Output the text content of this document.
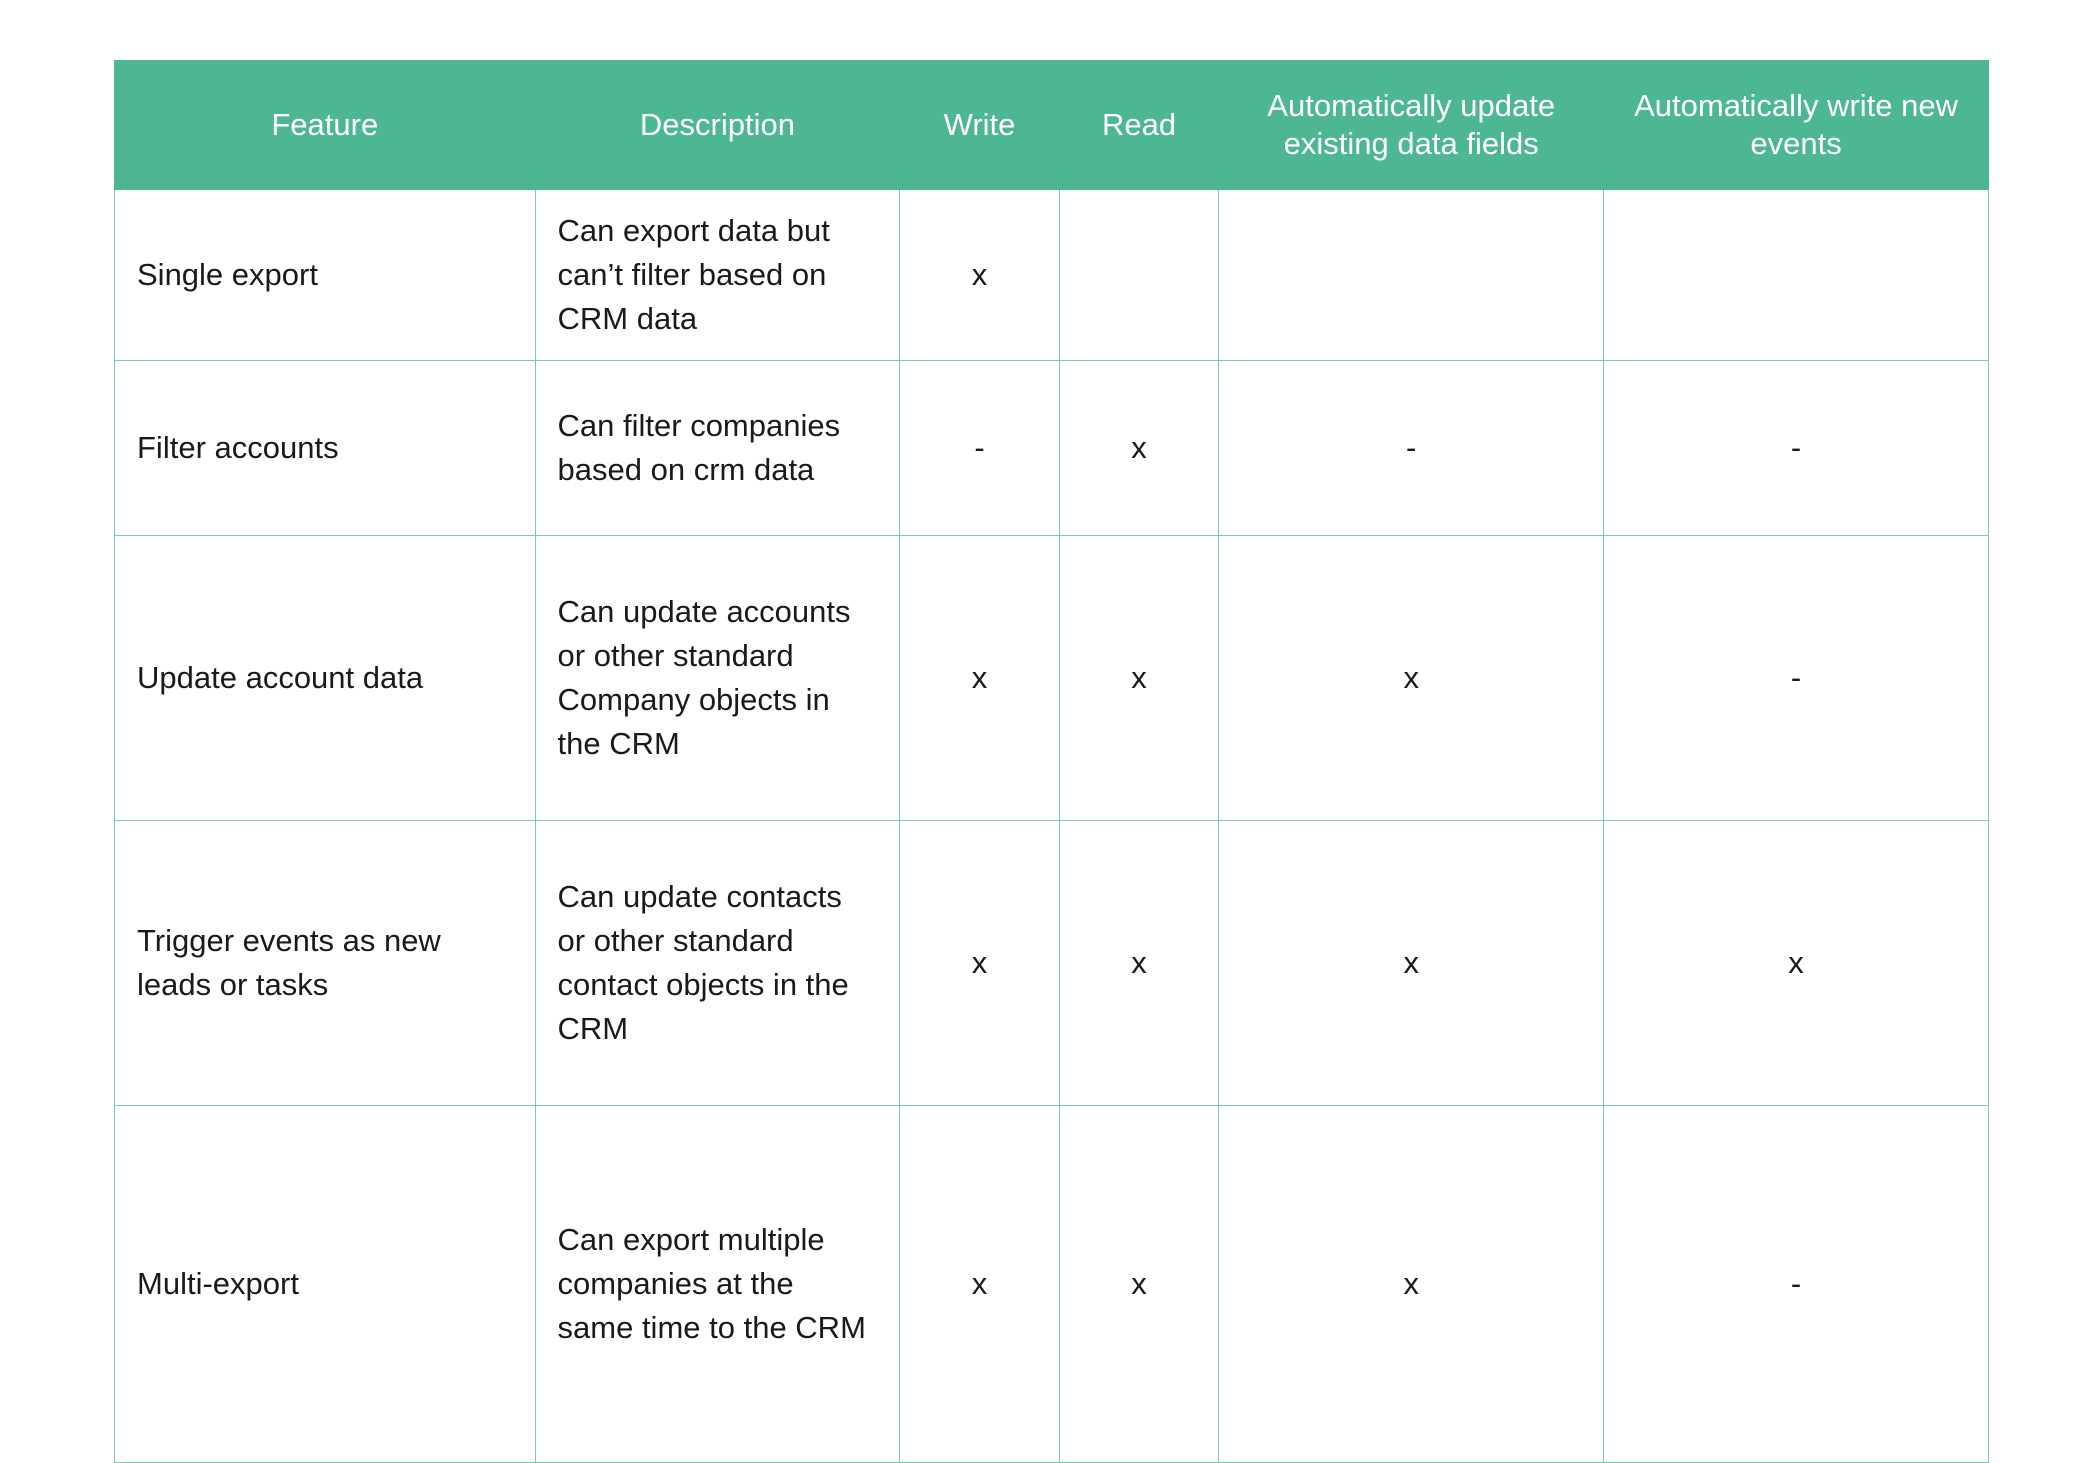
Feature	Description	Write	Read	Automatically update existing data fields	Automatically write new events
Single export	Can export data but can’t filter based on CRM data	x			
Filter accounts	Can filter companies based on crm data	-	x	-	-
Update account data	Can update accounts or other standard Company objects in the CRM	x	x	x	-
Trigger events as new leads or tasks	Can update contacts or other standard contact objects in the CRM	x	x	x	x
Multi-export	Can export multiple companies at the same time to the CRM	x	x	x	-
